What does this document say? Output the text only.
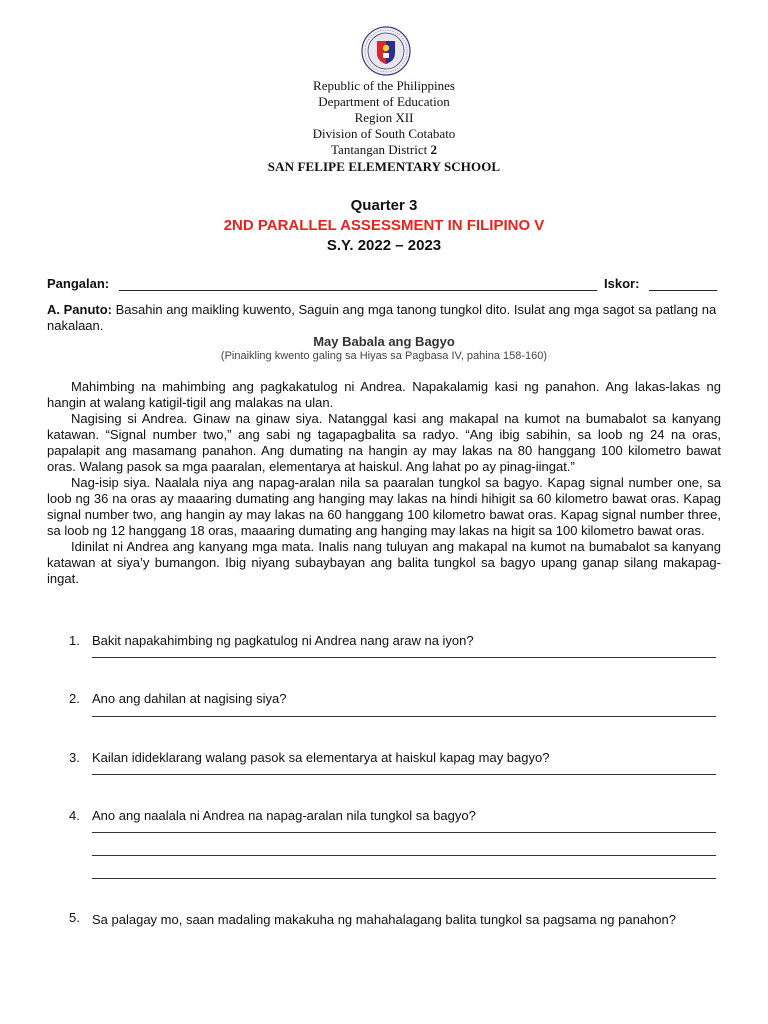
Republic of the Philippines
Department of Education
Region XII
Division of South Cotabato
Tantangan District 2
SAN FELIPE ELEMENTARY SCHOOL
Quarter 3
2ND PARALLEL ASSESSMENT IN FILIPINO V
S.Y. 2022 – 2023
Pangalan:	Iskor:
A. Panuto: Basahin ang maikling kuwento, Saguin ang mga tanong tungkol dito. Isulat ang mga sagot sa patlang na nakalaan.
May Babala ang Bagyo
(Pinaikling kwento galing sa Hiyas sa Pagbasa IV, pahina 158-160)

Mahimbing na mahimbing ang pagkakatulog ni Andrea. Napakalamig kasi ng panahon. Ang lakas-lakas ng hangin at walang katigil-tigil ang malakas na ulan.

Nagising si Andrea. Ginaw na ginaw siya. Natanggal kasi ang makapal na kumot na bumabalot sa kanyang katawan. “Signal number two,” ang sabi ng tagapagbalita sa radyo. “Ang ibig sabihin, sa loob ng 24 na oras, papalapit ang masamang panahon. Ang dumating na hangin ay may lakas na 80 hanggang 100 kilometro bawat oras. Walang pasok sa mga paaralan, elementarya at haiskul. Ang lahat po ay pinag-iingat.”

Nag-isip siya. Naalala niya ang napag-aralan nila sa paaralan tungkol sa bagyo. Kapag signal number one, sa loob ng 36 na oras ay maaaring dumating ang hanging may lakas na hindi hihigit sa 60 kilometro bawat oras. Kapag signal number two, ang hangin ay may lakas na 60 hanggang 100 kilometro bawat oras. Kapag signal number three, sa loob ng 12 hanggang 18 oras, maaaring dumating ang hanging may lakas na higit sa 100 kilometro bawat oras.

Idinilat ni Andrea ang kanyang mga mata. Inalis nang tuluyan ang makapal na kumot na bumabalot sa kanyang katawan at siya’y bumangon. Ibig niyang subaybayan ang balita tungkol sa bagyo upang ganap silang makapag-ingat.

1. Bakit napakahimbing ng pagkatulog ni Andrea nang araw na iyon?
2. Ano ang dahilan at nagising siya?
3. Kailan idideklarang walang pasok sa elementarya at haiskul kapag may bagyo?
4. Ano ang naalala ni Andrea na napag-aralan nila tungkol sa bagyo?
5. Sa palagay mo, saan madaling makakuha ng mahahalagang balita tungkol sa pagsama ng panahon?
